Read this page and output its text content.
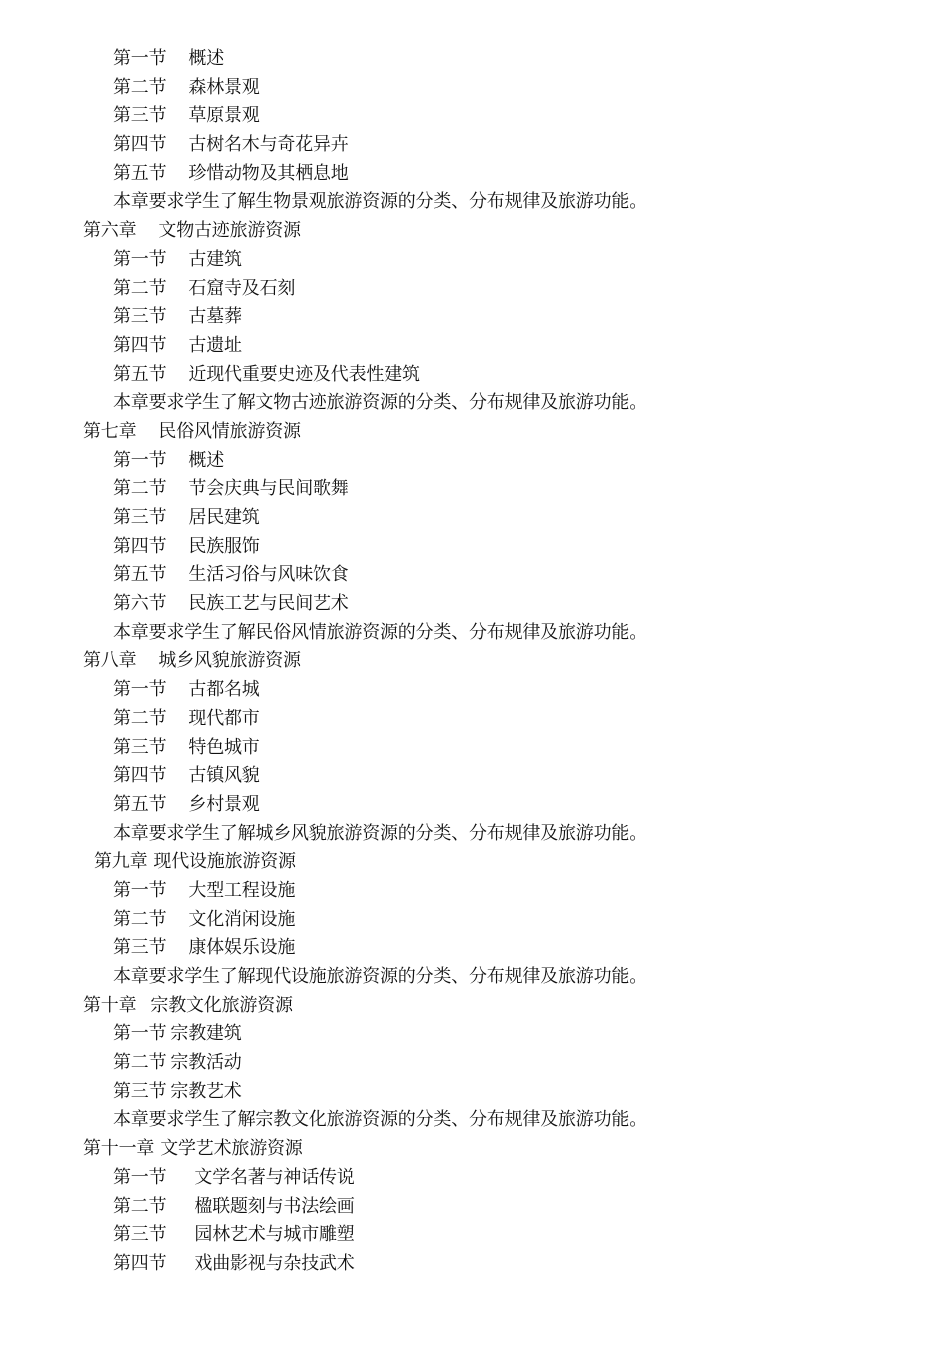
第一节 概述
第二节 森林景观
第三节 草原景观
第四节 古树名木与奇花异卉
第五节 珍惜动物及其栖息地
本章要求学生了解生物景观旅游资源的分类、分布规律及旅游功能。
第六章 文物古迹旅游资源
第一节 古建筑
第二节 石窟寺及石刻
第三节 古墓葬
第四节 古遗址
第五节 近现代重要史迹及代表性建筑
本章要求学生了解文物古迹旅游资源的分类、分布规律及旅游功能。
第七章 民俗风情旅游资源
第一节 概述
第二节 节会庆典与民间歌舞
第三节 居民建筑
第四节 民族服饰
第五节 生活习俗与风味饮食
第六节 民族工艺与民间艺术
本章要求学生了解民俗风情旅游资源的分类、分布规律及旅游功能。
第八章 城乡风貌旅游资源
第一节 古都名城
第二节 现代都市
第三节 特色城市
第四节 古镇风貌
第五节 乡村景观
本章要求学生了解城乡风貌旅游资源的分类、分布规律及旅游功能。
第九章 现代设施旅游资源
第一节 大型工程设施
第二节 文化消闲设施
第三节 康体娱乐设施
本章要求学生了解现代设施旅游资源的分类、分布规律及旅游功能。
第十章 宗教文化旅游资源
第一节 宗教建筑
第二节 宗教活动
第三节 宗教艺术
本章要求学生了解宗教文化旅游资源的分类、分布规律及旅游功能。
第十一章 文学艺术旅游资源
第一节 文学名著与神话传说
第二节 楹联题刻与书法绘画
第三节 园林艺术与城市雕塑
第四节 戏曲影视与杂技武术
